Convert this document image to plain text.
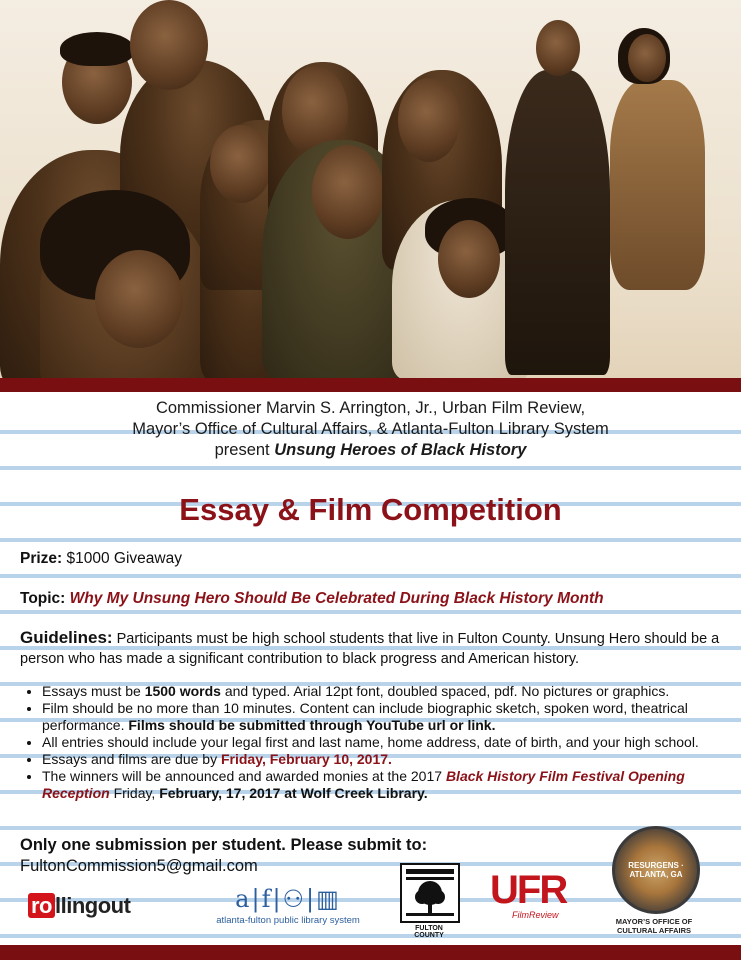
Commissioner Marvin S. Arrington, Jr., Urban Film Review,
Mayor’s Office of Cultural Affairs, & Atlanta-Fulton Library System
present Unsung Heroes of Black History
Essay & Film Competition
Prize: $1000 Giveaway
Topic: Why My Unsung Hero Should Be Celebrated During Black History Month
Guidelines: Participants must be high school students that live in Fulton County. Unsung Hero should be a person who has made a significant contribution to black progress and American history.
• Essays must be 1500 words and typed. Arial 12pt font, doubled spaced, pdf. No pictures or graphics.
• Film should be no more than 10 minutes. Content can include biographic sketch, spoken word, theatrical performance. Films should be submitted through YouTube url or link.
• All entries should include your legal first and last name, home address, date of birth, and your high school.
• Essays and films are due by Friday, February 10, 2017.
• The winners will be announced and awarded monies at the 2017 Black History Film Festival Opening Reception Friday, February, 17, 2017 at Wolf Creek Library.
Only one submission per student. Please submit to:
FultonCommission5@gmail.com
ro llingout	a|f|⚇|▥
atlanta-fulton public library system
FULTON COUNTY
UFR
FilmReview
RESURGENS · ATLANTA, GA
MAYOR’S OFFICE OF
CULTURAL AFFAIRS
